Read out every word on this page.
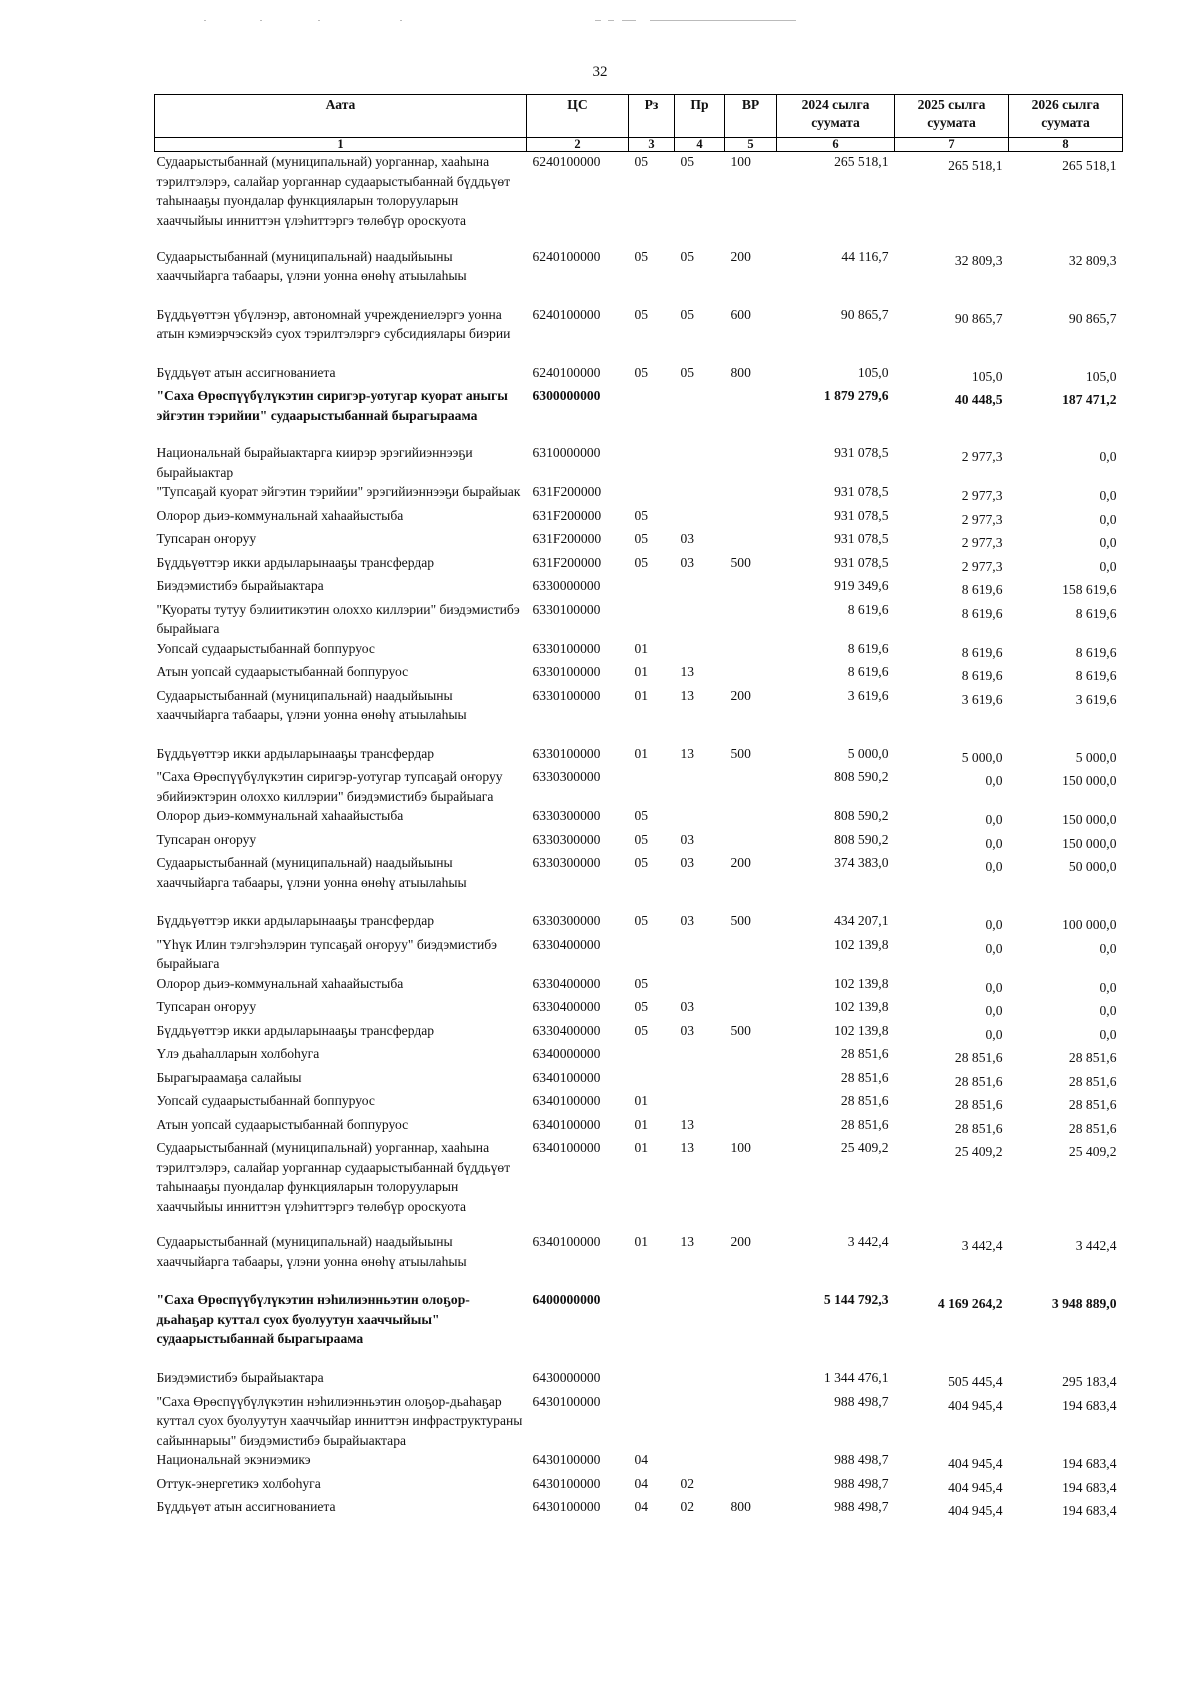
32
Аата	ЦС	Рз	Пр	ВР	2024 сылга суумата	2025 сылга суумата	2026 сылга суумата
1	2	3	4	5	6	7	8
Судаарыстыбаннай (муниципальнай) уорганнар, хааһына тэрилтэлэрэ, салайар уорганнар судаарыстыбаннай бүддьүөт таһынааҕы пуондалар функцияларын толорууларын хааччыйыы инниттэн үлэһиттэргэ төлөбүр ороскуота	6240100000	05	05	100	265 518,1	265 518,1	265 518,1
Судаарыстыбаннай (муниципальнай) наадыйыыны хааччыйарга табаары, үлэни уонна өнөһү атыылаһыы	6240100000	05	05	200	44 116,7	32 809,3	32 809,3
Бүддьүөттэн үбүлэнэр, автономнай учреждениелэргэ уонна атын кэмиэрчэскэйэ суох тэрилтэлэргэ субсидиялары биэрии	6240100000	05	05	600	90 865,7	90 865,7	90 865,7
Бүддьүөт атын ассигнованиета	6240100000	05	05	800	105,0	105,0	105,0
"Саха Өрөспүүбүлүкэтин сиригэр-уотугар куорат аныгы эйгэтин тэрийии" судаарыстыбаннай бырагыраама	6300000000				1 879 279,6	40 448,5	187 471,2
Национальнай бырайыактарга киирэр эрэгийиэннээҕи бырайыактар	6310000000				931 078,5	2 977,3	0,0
"Тупсаҕай куорат эйгэтин тэрийии" эрэгийиэннээҕи бырайыак	631F200000				931 078,5	2 977,3	0,0
Олорор дьиэ-коммунальнай хаһаайыстыба	631F200000	05			931 078,5	2 977,3	0,0
Тупсаран оҥоруу	631F200000	05	03		931 078,5	2 977,3	0,0
Бүддьүөттэр икки ардыларынааҕы трансфердар	631F200000	05	03	500	931 078,5	2 977,3	0,0
Биэдэмистибэ бырайыактара	6330000000				919 349,6	8 619,6	158 619,6
"Куораты тутуу бэлиитикэтин олоххо киллэрии" биэдэмистибэ бырайыага	6330100000				8 619,6	8 619,6	8 619,6
Уопсай судаарыстыбаннай боппуруос	6330100000	01			8 619,6	8 619,6	8 619,6
Атын уопсай судаарыстыбаннай боппуруос	6330100000	01	13		8 619,6	8 619,6	8 619,6
Судаарыстыбаннай (муниципальнай) наадыйыыны хааччыйарга табаары, үлэни уонна өнөһү атыылаһыы	6330100000	01	13	200	3 619,6	3 619,6	3 619,6
Бүддьүөттэр икки ардыларынааҕы трансфердар	6330100000	01	13	500	5 000,0	5 000,0	5 000,0
"Саха Өрөспүүбүлүкэтин сиригэр-уотугар тупсаҕай оҥоруу эбийиэктэрин олоххо киллэрии" биэдэмистибэ бырайыага	6330300000				808 590,2	0,0	150 000,0
Олорор дьиэ-коммунальнай хаһаайыстыба	6330300000	05			808 590,2	0,0	150 000,0
Тупсаран оҥоруу	6330300000	05	03		808 590,2	0,0	150 000,0
Судаарыстыбаннай (муниципальнай) наадыйыыны хааччыйарга табаары, үлэни уонна өнөһү атыылаһыы	6330300000	05	03	200	374 383,0	0,0	50 000,0
Бүддьүөттэр икки ардыларынааҕы трансфердар	6330300000	05	03	500	434 207,1	0,0	100 000,0
"Үһүк Илин тэлгэһэлэрин тупсаҕай оҥоруу" биэдэмистибэ бырайыага	6330400000				102 139,8	0,0	0,0
Олорор дьиэ-коммунальнай хаһаайыстыба	6330400000	05			102 139,8	0,0	0,0
Тупсаран оҥоруу	6330400000	05	03		102 139,8	0,0	0,0
Бүддьүөттэр икки ардыларынааҕы трансфердар	6330400000	05	03	500	102 139,8	0,0	0,0
Үлэ дьаһалларын холбоһуга	6340000000				28 851,6	28 851,6	28 851,6
Бырагыраамаҕа салайыы	6340100000				28 851,6	28 851,6	28 851,6
Уопсай судаарыстыбаннай боппуруос	6340100000	01			28 851,6	28 851,6	28 851,6
Атын уопсай судаарыстыбаннай боппуруос	6340100000	01	13		28 851,6	28 851,6	28 851,6
Судаарыстыбаннай (муниципальнай) уорганнар, хааһына тэрилтэлэрэ, салайар уорганнар судаарыстыбаннай бүддьүөт таһынааҕы пуондалар функцияларын толорууларын хааччыйыы инниттэн үлэһиттэргэ төлөбүр ороскуота	6340100000	01	13	100	25 409,2	25 409,2	25 409,2
Судаарыстыбаннай (муниципальнай) наадыйыыны хааччыйарга табаары, үлэни уонна өнөһү атыылаһыы	6340100000	01	13	200	3 442,4	3 442,4	3 442,4
"Саха Өрөспүүбүлүкэтин нэһилиэнньэтин олоҕор-дьаһаҕар куттал суох буолуутун хааччыйыы" судаарыстыбаннай бырагыраама	6400000000				5 144 792,3	4 169 264,2	3 948 889,0
Биэдэмистибэ бырайыактара	6430000000				1 344 476,1	505 445,4	295 183,4
"Саха Өрөспүүбүлүкэтин нэһилиэнньэтин олоҕор-дьаһаҕар куттал суох буолуутун хааччыйар инниттэн инфраструктураны сайыннарыы" биэдэмистибэ бырайыактара	6430100000				988 498,7	404 945,4	194 683,4
Национальнай экэниэмикэ	6430100000	04			988 498,7	404 945,4	194 683,4
Оттук-энергетикэ холбоһуга	6430100000	04	02		988 498,7	404 945,4	194 683,4
Бүддьүөт атын ассигнованиета	6430100000	04	02	800	988 498,7	404 945,4	194 683,4
